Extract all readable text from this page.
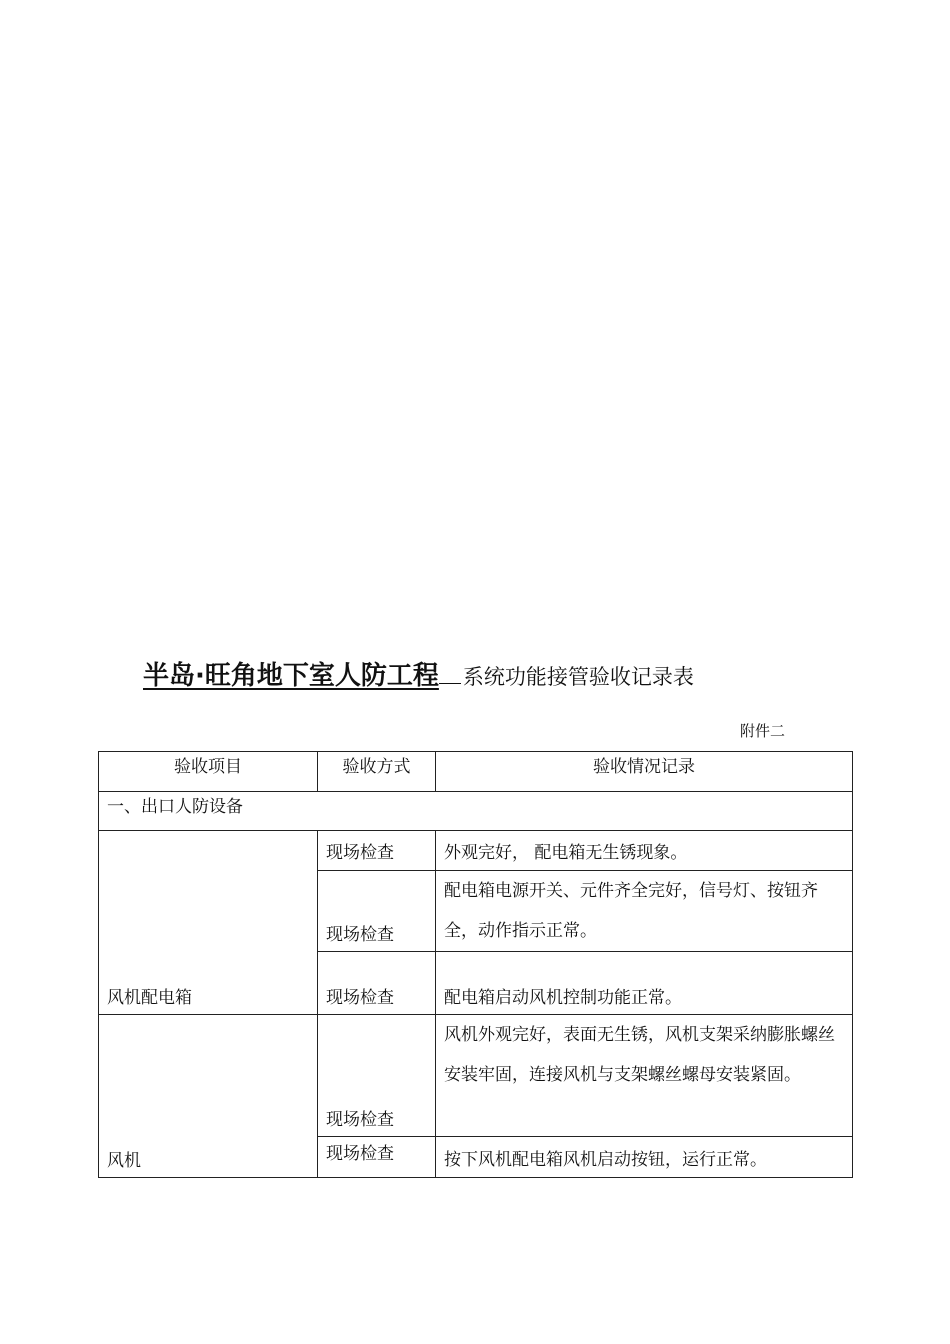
半岛·旺角地下室人防工程 系统功能接管验收记录表
附件二
验收项目	验收方式	验收情况记录
一、出口人防设备		
风机配电箱	现场检查	外观完好， 配电箱无生锈现象。
	现场检查	配电箱电源开关、元件齐全完好，信号灯、按钮齐全，动作指示正常。
	现场检查	配电箱启动风机控制功能正常。
风机	现场检查	风机外观完好，表面无生锈，风机支架采纳膨胀螺丝安装牢固，连接风机与支架螺丝螺母安装紧固。
	现场检查	按下风机配电箱风机启动按钮，运行正常。
